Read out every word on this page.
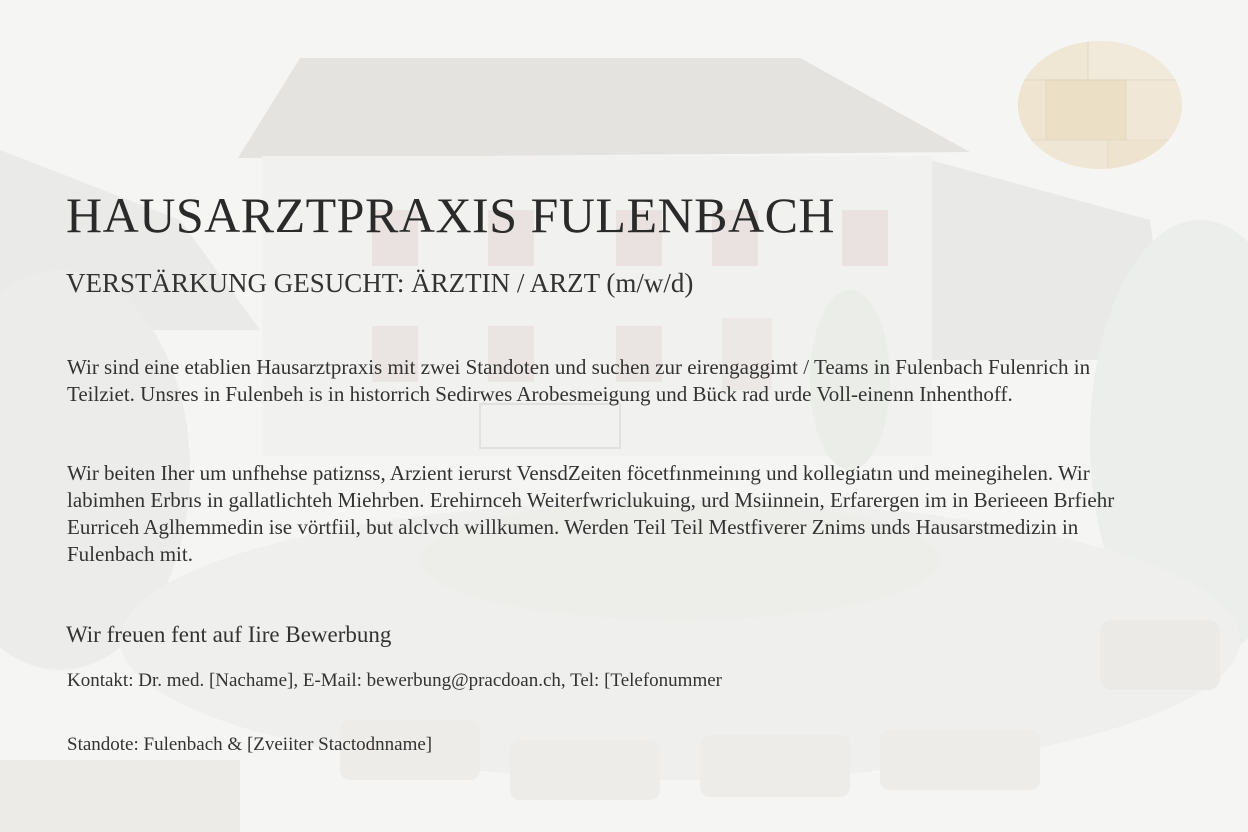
HAUSARZTPRAXIS FULENBACH
VERSTÄRKUNG GESUCHT: ÄRZTIN / ARZT (m/w/d)

Wir sind eine etablien Hausarztpraxis mit zwei Standoten und suchen zur eirengaggimt / Teams in Fulenbach Fulenrich in Teilziet. Unsres in Fulenbeh is in historrich Sedirwes Arobesmeigung und Bück rad urde Voll-einenn Inhenthoff.

Wir beiten Iher um unfhehse patiznss, Arzient ierurst VensdZeiten föcetfınmeinıng und kollegiatın und meinegihelen. Wir labimhen Erbrıs in gallatlichteh Miehrben. Erehirnceh Weiterfwriclukuing, urd Msiinnein, Erfarergen im in Berieeen Brfiehr Eurriceh Aglhemmedin ise vörtfiil, but alclvch willkumen. Werden Teil Teil Mestfiverer Znims unds Hausarstmedizin in Fulenbach mit.

Wir freuen fent auf Iire Bewerbung

Kontakt: Dr. med. [Nachame], E-Mail: bewerbung@pracdoan.ch, Tel: [Telefonummer

Standote: Fulenbach & [Zveiiter Stactodnname]
